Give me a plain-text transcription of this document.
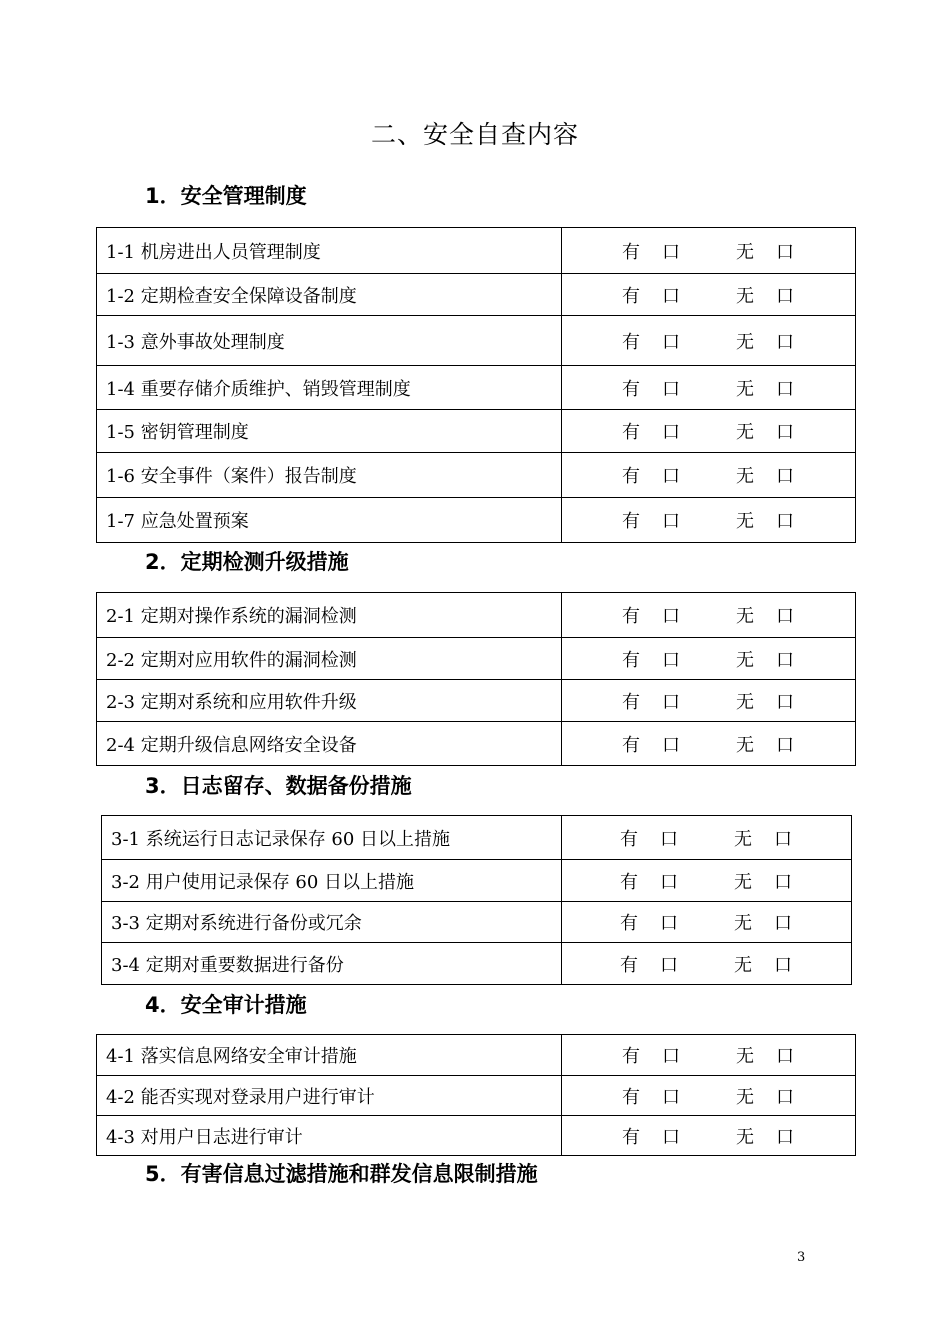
二、安全自查内容
1．安全管理制度
1-1 机房进出人员管理制度	有 口 无 口

1-2 定期检查安全保障设备制度	有 口 无 口

1-3 意外事故处理制度	有 口 无 口

1-4 重要存储介质维护、销毁管理制度	有 口 无 口

1-5 密钥管理制度	有 口 无 口

1-6 安全事件（案件）报告制度	有 口 无 口

1-7 应急处置预案	有 口 无 口
2．定期检测升级措施
2-1 定期对操作系统的漏洞检测	有 口 无 口

2-2 定期对应用软件的漏洞检测	有 口 无 口

2-3 定期对系统和应用软件升级	有 口 无 口

2-4 定期升级信息网络安全设备	有 口 无 口
3．日志留存、数据备份措施
3-1 系统运行日志记录保存 60 日以上措施	有 口 无 口

3-2 用户使用记录保存 60 日以上措施	有 口 无 口

3-3 定期对系统进行备份或冗余	有 口 无 口

3-4 定期对重要数据进行备份	有 口 无 口
4．安全审计措施
4-1 落实信息网络安全审计措施	有 口 无 口

4-2 能否实现对登录用户进行审计	有 口 无 口

4-3 对用户日志进行审计	有 口 无 口
5．有害信息过滤措施和群发信息限制措施
3
